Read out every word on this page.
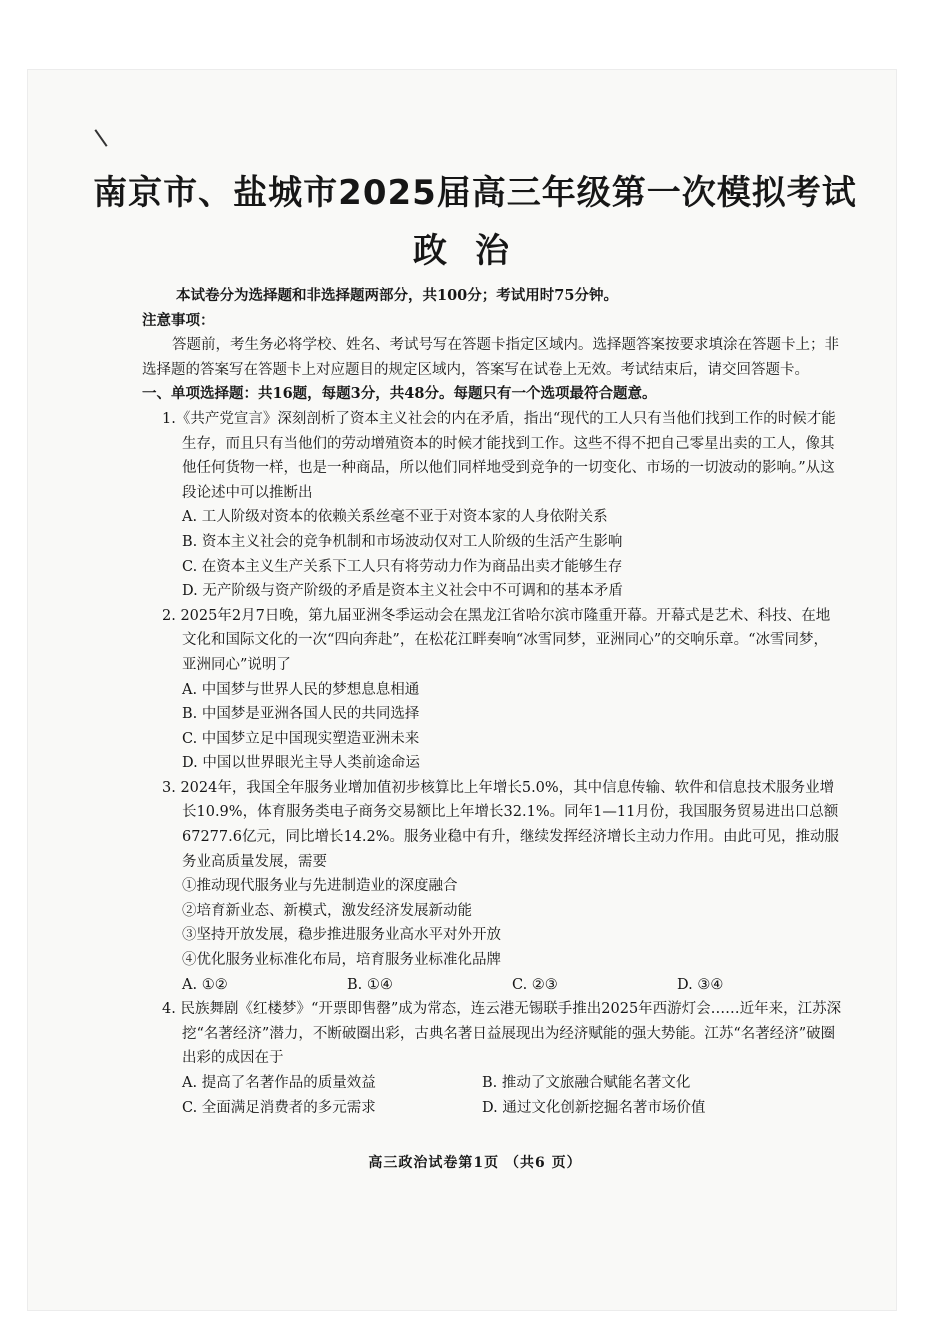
南京市、盐城市2025届高三年级第一次模拟考试
政治

本试卷分为选择题和非选择题两部分，共100分；考试用时75分钟。

注意事项：

答题前，考生务必将学校、姓名、考试号写在答题卡指定区域内。选择题答案按要求填涂在答题卡上；非选择题的答案写在答题卡上对应题目的规定区域内，答案写在试卷上无效。考试结束后，请交回答题卡。

一、单项选择题：共16题，每题3分，共48分。每题只有一个选项最符合题意。

1.《共产党宣言》深刻剖析了资本主义社会的内在矛盾，指出“现代的工人只有当他们找到工作的时候才能生存，而且只有当他们的劳动增殖资本的时候才能找到工作。这些不得不把自己零星出卖的工人，像其他任何货物一样，也是一种商品，所以他们同样地受到竞争的一切变化、市场的一切波动的影响。”从这段论述中可以推断出

A. 工人阶级对资本的依赖关系丝毫不亚于对资本家的人身依附关系

B. 资本主义社会的竞争机制和市场波动仅对工人阶级的生活产生影响

C. 在资本主义生产关系下工人只有将劳动力作为商品出卖才能够生存

D. 无产阶级与资产阶级的矛盾是资本主义社会中不可调和的基本矛盾

2. 2025年2月7日晚，第九届亚洲冬季运动会在黑龙江省哈尔滨市隆重开幕。开幕式是艺术、科技、在地文化和国际文化的一次“四向奔赴”，在松花江畔奏响“冰雪同梦，亚洲同心”的交响乐章。“冰雪同梦，亚洲同心”说明了

A. 中国梦与世界人民的梦想息息相通

B. 中国梦是亚洲各国人民的共同选择

C. 中国梦立足中国现实塑造亚洲未来

D. 中国以世界眼光主导人类前途命运

3. 2024年，我国全年服务业增加值初步核算比上年增长5.0%，其中信息传输、软件和信息技术服务业增长10.9%，体育服务类电子商务交易额比上年增长32.1%。同年1—11月份，我国服务贸易进出口总额67277.6亿元，同比增长14.2%。服务业稳中有升，继续发挥经济增长主动力作用。由此可见，推动服务业高质量发展，需要

①推动现代服务业与先进制造业的深度融合

②培育新业态、新模式，激发经济发展新动能

③坚持开放发展，稳步推进服务业高水平对外开放

④优化服务业标准化布局，培育服务业标准化品牌

A. ①②	B. ①④	C. ②③	D. ③④

4. 民族舞剧《红楼梦》“开票即售罄”成为常态，连云港无锡联手推出2025年西游灯会……近年来，江苏深挖“名著经济”潜力，不断破圈出彩，古典名著日益展现出为经济赋能的强大势能。江苏“名著经济”破圈出彩的成因在于

A. 提高了名著作品的质量效益	B. 推动了文旅融合赋能名著文化
C. 全面满足消费者的多元需求	D. 通过文化创新挖掘名著市场价值
高三政治试卷第1页 （共6 页）
